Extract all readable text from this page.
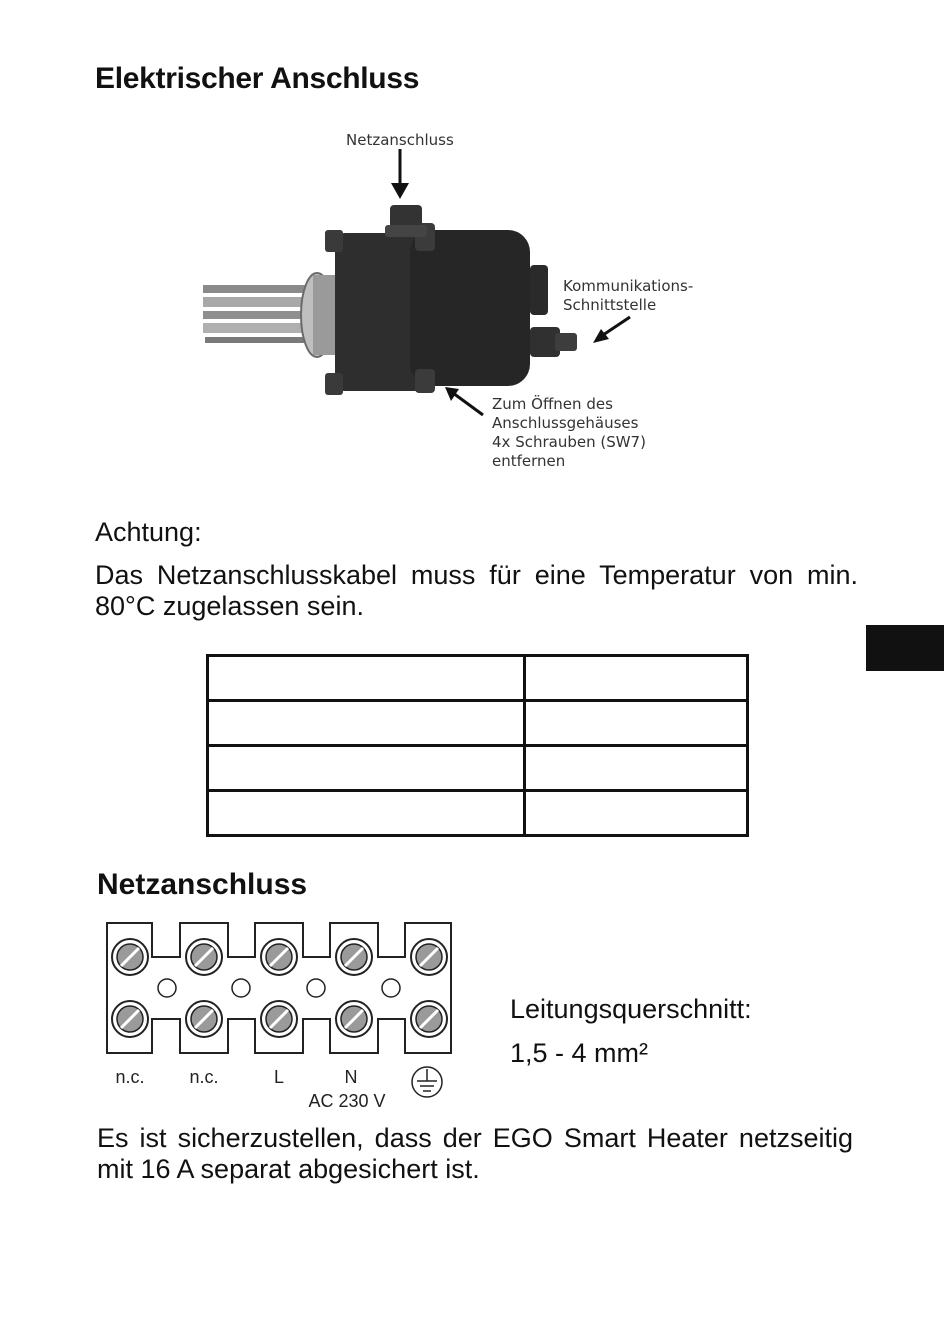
Elektrischer Anschluss
Netzanschluss
Kommunikations-
Schnittstelle
Zum Öffnen des
Anschlussgehäuses
4x Schrauben (SW7)
entfernen
Achtung:
Das Netzanschlusskabel muss für eine Temperatur von min. 80°C zugelassen sein.

Netzanschluss
n.c. n.c.	L	N
AC 230 V
Leitungsquerschnitt:
1,5 - 4 mm²
Es ist sicherzustellen, dass der EGO Smart Heater netzseitig mit 16 A separat abgesichert ist.
